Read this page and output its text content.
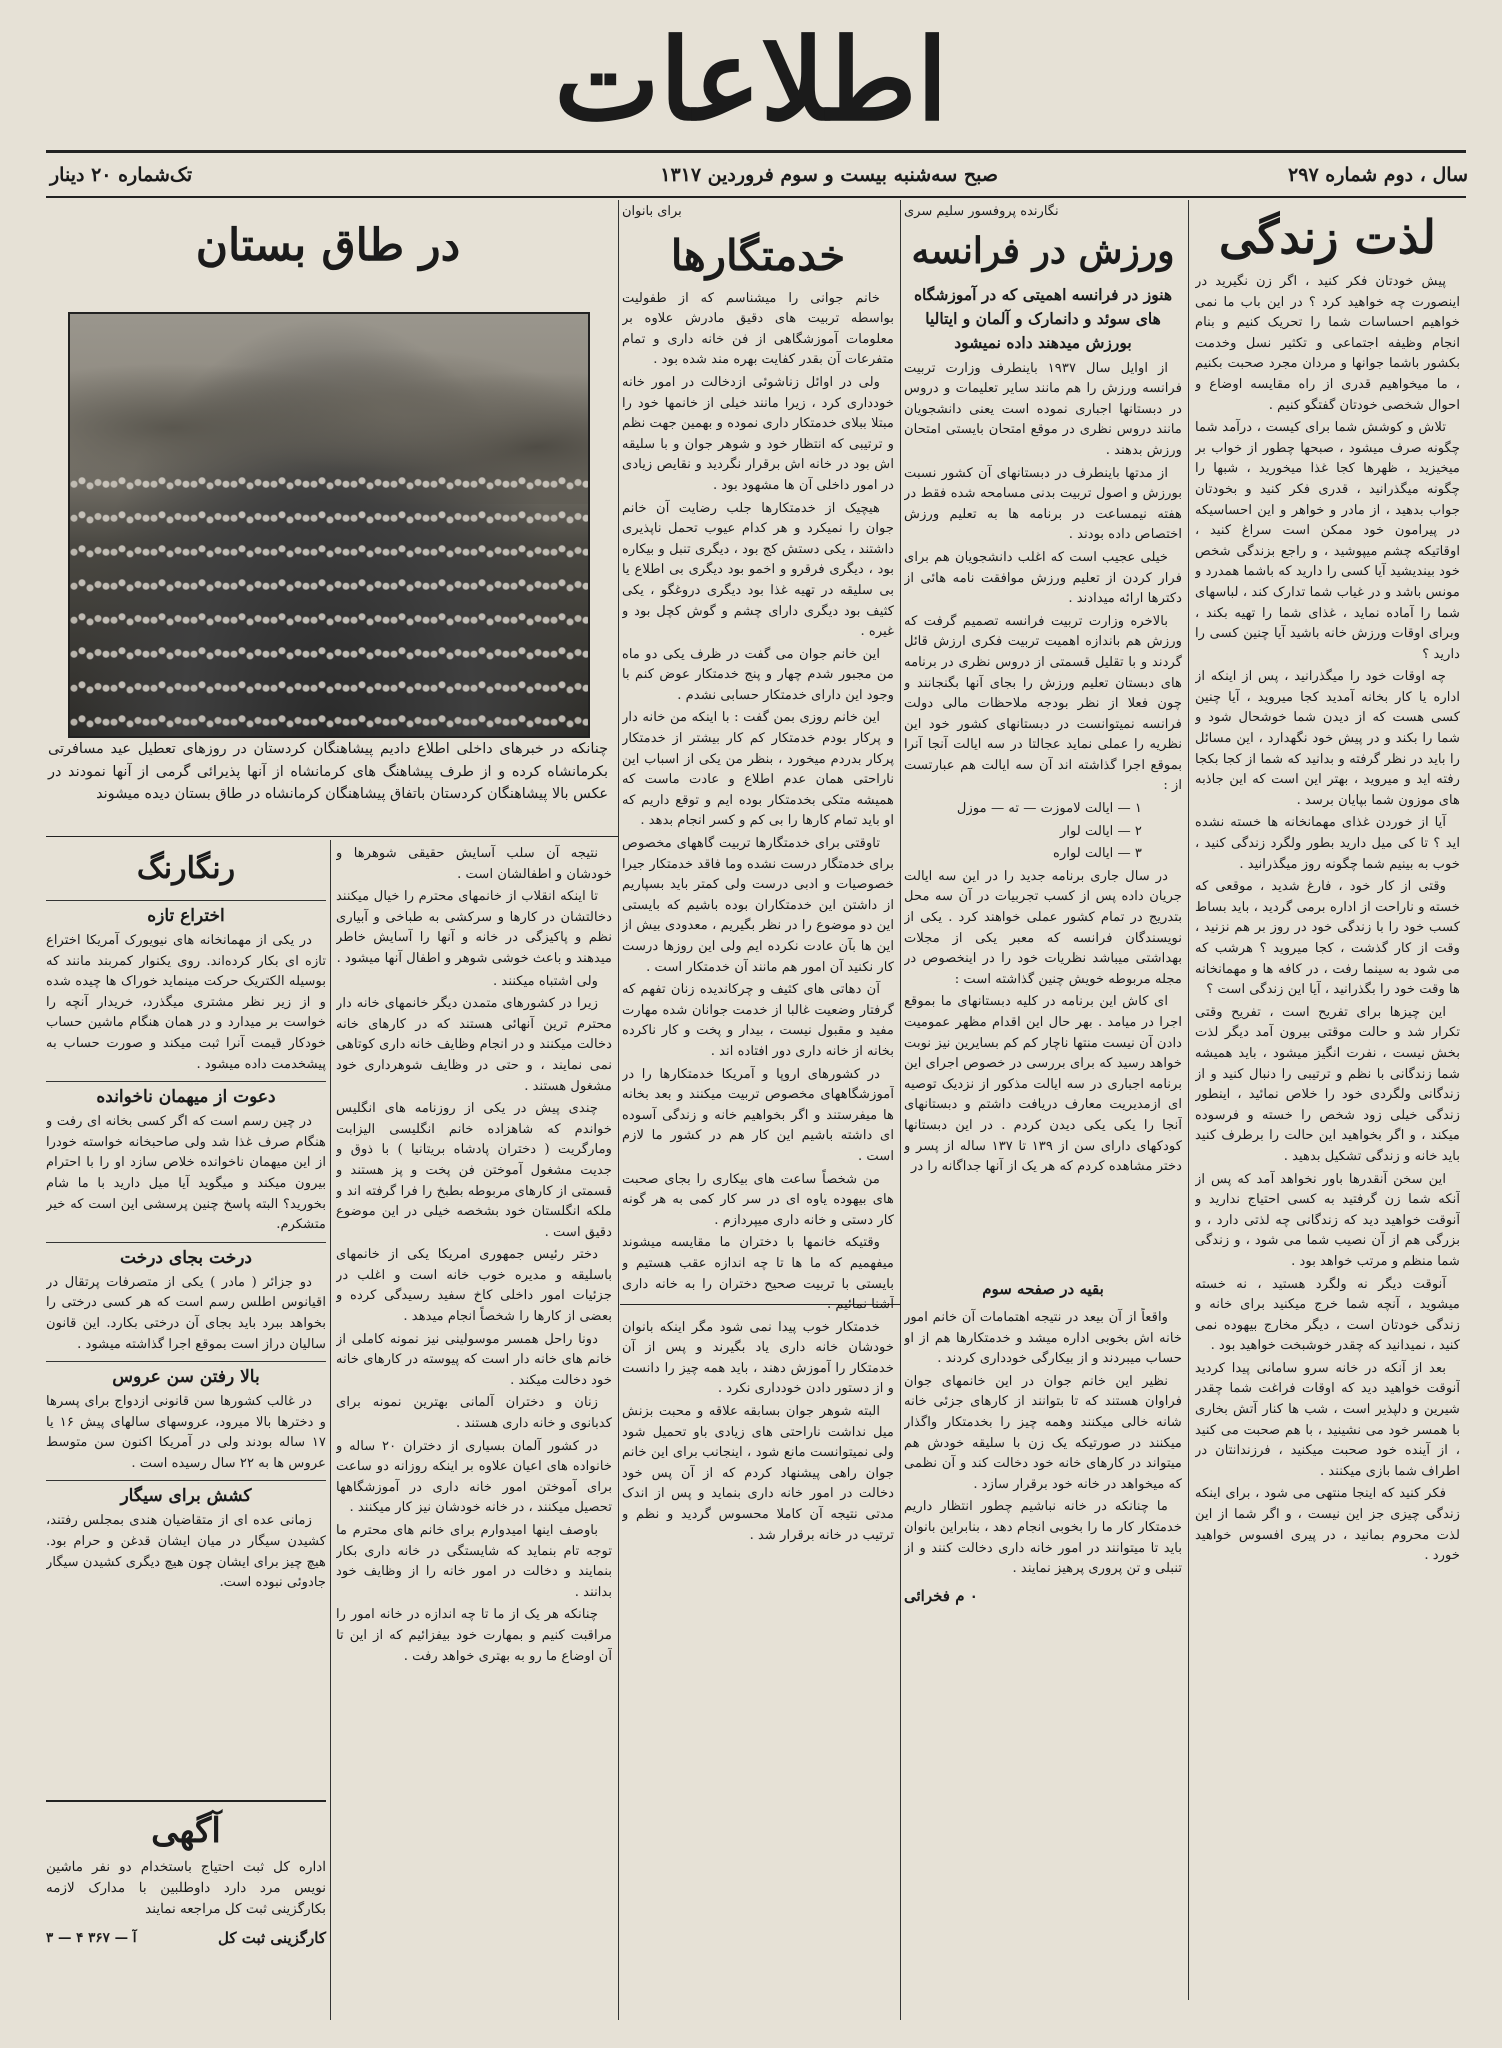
اطلاعات
سال ، دوم شماره ۲۹۷
صبح سه‌شنبه بیست و سوم فروردین ۱۳۱۷
تک‌شماره ۲۰ دینار
لذت زندگی

پیش خودتان فکر کنید ، اگر زن نگیرید در اینصورت چه خواهید کرد ؟ در این باب ما نمی خواهیم احساسات شما را تحریک کنیم و بنام انجام وظیفه اجتماعی و تکثیر نسل وخدمت بکشور باشما جوانها و مردان مجرد صحبت بکنیم ، ما میخواهیم قدری از راه مقایسه اوضاع و احوال شخصی خودتان گفتگو کنیم .

تلاش و کوشش شما برای کیست ، درآمد شما چگونه صرف میشود ، صبحها چطور از خواب بر میخیزید ، ظهرها کجا غذا میخورید ، شبها را چگونه میگذرانید ، قدری فکر کنید و بخودتان جواب بدهید ، از مادر و خواهر و این احساسیکه در پیرامون خود ممکن است سراغ کنید ، اوقاتیکه چشم میپوشید ، و راجع بزندگی شخص خود بیندیشید آیا کسی را دارید که باشما همدرد و مونس باشد و در غیاب شما تدارک کند ، لباسهای شما را آماده نماید ، غذای شما را تهیه بکند ، وبرای اوقات ورزش خانه باشید آیا چنین کسی را دارید ؟

چه اوقات خود را میگذرانید ، پس از اینکه از اداره یا کار بخانه آمدید کجا میروید ، آیا چنین کسی هست که از دیدن شما خوشحال شود و شما را بکند و در پیش خود نگهدارد ، این مسائل را باید در نظر گرفته و بدانید که شما از کجا بکجا رفته اید و میروید ، بهتر این است که این جاذبه های موزون شما بپایان برسد .

آیا از خوردن غذای مهمانخانه ها خسته نشده اید ؟ تا کی میل دارید بطور ولگرد زندگی کنید ، خوب به بینیم شما چگونه روز میگذرانید .

وقتی از کار خود ، فارغ شدید ، موقعی که خسته و ناراحت از اداره برمی گردید ، باید بساط کسب خود را با زندگی خود در روز بر هم نزنید ، وقت از کار گذشت ، کجا میروید ؟ هرشب که می شود به سینما رفت ، در کافه ها و مهمانخانه ها وقت خود را بگذرانید ، آیا این زندگی است ؟

این چیزها برای تفریح است ، تفریح وقتی تکرار شد و حالت موقتی بیرون آمد دیگر لذت بخش نیست ، نفرت انگیز میشود ، باید همیشه شما زندگانی با نظم و ترتیبی را دنبال کنید و از زندگانی ولگردی خود را خلاص نمائید ، اینطور زندگی خیلی زود شخص را خسته و فرسوده میکند ، و اگر بخواهید این حالت را برطرف کنید باید خانه و زندگی تشکیل بدهید .

این سخن آنقدرها باور نخواهد آمد که پس از آنکه شما زن گرفتید به کسی احتیاج ندارید و آنوقت خواهید دید که زندگانی چه لذتی دارد ، و بزرگی هم از آن نصیب شما می شود ، و زندگی شما منظم و مرتب خواهد بود .

آنوقت دیگر نه ولگرد هستید ، نه خسته میشوید ، آنچه شما خرج میکنید برای خانه و زندگی خودتان است ، دیگر مخارج بیهوده نمی کنید ، نمیدانید که چقدر خوشبخت خواهید بود .

بعد از آنکه در خانه سرو سامانی پیدا کردید آنوقت خواهید دید که اوقات فراغت شما چقدر شیرین و دلپذیر است ، شب ها کنار آتش بخاری با همسر خود می نشینید ، با هم صحبت می کنید ، از آینده خود صحبت میکنید ، فرزندانتان در اطراف شما بازی میکنند .

فکر کنید که اینجا منتهی می شود ، برای اینکه زندگی چیزی جز این نیست ، و اگر شما از این لذت محروم بمانید ، در پیری افسوس خواهید خورد .

نگارنده پروفسور سلیم سری
ورزش در فرانسه
هنوز در فرانسه اهمیتی که در آموزشگاه های سوئد و دانمارک و آلمان و ایتالیا بورزش میدهند داده نمیشود

از اوایل سال ۱۹۳۷ باینطرف وزارت تربیت فرانسه ورزش را هم مانند سایر تعلیمات و دروس در دبستانها اجباری نموده است یعنی دانشجویان مانند دروس نظری در موقع امتحان بایستی امتحان ورزش بدهند .

از مدتها باینطرف در دبستانهای آن کشور نسبت بورزش و اصول تربیت بدنی مسامحه شده فقط در هفته نیمساعت در برنامه ها به تعلیم ورزش اختصاص داده بودند .

خیلی عجیب است که اغلب دانشجویان هم برای فرار کردن از تعلیم ورزش موافقت نامه هائی از دکترها ارائه میدادند .

بالاخره وزارت تربیت فرانسه تصمیم گرفت که ورزش هم باندازه اهمیت تربیت فکری ارزش قائل گردند و با تقلیل قسمتی از دروس نظری در برنامه های دبستان تعلیم ورزش را بجای آنها بگنجانند و چون فعلا از نظر بودجه ملاحظات مالی دولت فرانسه نمیتوانست در دبستانهای کشور خود این نظریه را عملی نماید عجالتا در سه ایالت آنجا آنرا بموقع اجرا گذاشته اند آن سه ایالت هم عبارتست از :

۱ — ایالت لاموزت — ته — موزل

۲ — ایالت لوار

۳ — ایالت لواره

در سال جاری برنامه جدید را در این سه ایالت جریان داده پس از کسب تجربیات در آن سه محل بتدریج در تمام کشور عملی خواهند کرد . یکی از نویسندگان فرانسه که معبر یکی از مجلات بهداشتی میباشد نظریات خود را در اینخصوص در مجله مربوطه خویش چنین گذاشته است :

ای کاش این برنامه در کلیه دبستانهای ما بموقع اجرا در میامد . بهر حال این اقدام مظهر عمومیت دادن آن نیست منتها ناچار کم کم بسایرین نیز نوبت خواهد رسید که برای بررسی در خصوص اجرای این برنامه اجباری در سه ایالت مذکور از نزدیک توصیه ای ازمدیریت معارف دریافت داشتم و دبستانهای آنجا را یکی یکی دیدن کردم . در این دبستانها کودکهای دارای سن از ۱۳۹ تا ۱۳۷ ساله از پسر و دختر مشاهده کردم که هر یک از آنها جداگانه را در

بقیه در صفحه سوم
برای بانوان
خدمتگارها

خانم جوانی را میشناسم که از طفولیت بواسطه تربیت های دقیق مادرش علاوه بر معلومات آموزشگاهی از فن خانه داری و تمام متفرعات آن بقدر کفایت بهره مند شده بود .

ولی در اوائل زناشوئی ازدخالت در امور خانه خودداری کرد ، زیرا مانند خیلی از خانمها خود را مبتلا ببلای خدمتکار داری نموده و بهمین جهت نظم و ترتیبی که انتظار خود و شوهر جوان و با سلیقه اش بود در خانه اش برقرار نگردید و نقایص زیادی در امور داخلی آن ها مشهود بود .

هیچیک از خدمتکارها جلب رضایت آن خانم جوان را نمیکرد و هر کدام عیوب تحمل ناپذیری داشتند ، یکی دستش کج بود ، دیگری تنبل و بیکاره بود ، دیگری فرقرو و اخمو بود دیگری بی اطلاع یا بی سلیقه در تهیه غذا بود دیگری دروغگو ، یکی کثیف بود دیگری دارای چشم و گوش کچل بود و غیره .

این خانم جوان می گفت در ظرف یکی دو ماه من مجبور شدم چهار و پنج خدمتکار عوض کنم با وجود این دارای خدمتکار حسابی نشدم .

این خانم روزی بمن گفت : با اینکه من خانه دار و پرکار بودم خدمتکار کم کار بیشتر از خدمتکار پرکار بدردم میخورد ، بنظر من یکی از اسباب این ناراحتی همان عدم اطلاع و عادت ماست که همیشه متکی بخدمتکار بوده ایم و توقع داریم که او باید تمام کارها را بی کم و کسر انجام بدهد .

تاوقتی برای خدمتگارها تربیت گاههای مخصوص برای خدمتگار درست نشده وما فاقد خدمتکار جیرا خصوصیات و ادبی درست ولی کمتر باید بسپاریم از داشتن این خدمتکاران بوده باشیم که بایستی این دو موضوع را در نظر بگیریم ، معدودی بیش از این ها بآن عادت نکرده ایم ولی این روزها درست کار نکنید آن امور هم مانند آن خدمتکار است .

آن دهاتی های کثیف و چرکاندیده زنان تفهم که گرفتار وضعیت غالبا از خدمت جوانان شده مهارت مفید و مقبول نیست ، بیدار و پخت و کار ناکرده بخانه از خانه داری دور افتاده اند .

در کشورهای اروپا و آمریکا خدمتکارها را در آموزشگاههای مخصوص تربیت میکنند و بعد بخانه ها میفرستند و اگر بخواهیم خانه و زندگی آسوده ای داشته باشیم این کار هم در کشور ما لازم است .

من شخصاً ساعت های بیکاری را بجای صحبت های بیهوده یاوه ای در سر کار کمی به هر گونه کار دستی و خانه داری میپردازم .

وقتیکه خانمها با دختران ما مقایسه میشوند میفهمیم که ما ها تا چه اندازه عقب هستیم و بایستی با تربیت صحیح دختران را به خانه داری آشنا نمائیم .

خدمتکار خوب پیدا نمی شود مگر اینکه بانوان خودشان خانه داری یاد بگیرند و پس از آن خدمتکار را آموزش دهند ، باید همه چیز را دانست و از دستور دادن خودداری نکرد .

البته شوهر جوان بسابقه علاقه و محبت بزنش میل نداشت ناراحتی های زیادی باو تحمیل شود ولی نمیتوانست مانع شود ، اینجانب برای این خانم جوان راهی پیشنهاد کردم که از آن پس خود دخالت در امور خانه داری بنماید و پس از اندک مدتی نتیجه آن کاملا محسوس گردید و نظم و ترتیب در خانه برقرار شد .

واقعاً از آن بیعد در نتیجه اهتمامات آن خانم امور خانه اش بخوبی اداره میشد و خدمتکارها هم از او حساب میبردند و از بیکارگی خودداری کردند .

نظیر این خانم جوان در این خانمهای جوان فراوان هستند که تا بتوانند از کارهای جزئی خانه شانه خالی میکنند وهمه چیز را بخدمتکار واگذار میکنند در صورتیکه یک زن با سلیقه خودش هم میتواند در کارهای خانه خود دخالت کند و آن نظمی که میخواهد در خانه خود برقرار سازد .

ما چنانکه در خانه نباشیم چطور انتظار داریم خدمتکار کار ما را بخوبی انجام دهد ، بنابراین بانوان باید تا میتوانند در امور خانه داری دخالت کنند و از تنبلی و تن پروری پرهیز نمایند .

۰ م فخرائی

در طاق بستان
چنانکه در خبرهای داخلی اطلاع دادیم پیشاهنگان کردستان در روزهای تعطیل عید مسافرتی بکرمانشاه کرده و از طرف پیشاهنگ های کرمانشاه از آنها پذیرائی گرمی از آنها نمودند در عکس بالا پیشاهنگان کردستان باتفاق پیشاهنگان کرمانشاه در طاق بستان دیده میشوند

نتیجه آن سلب آسایش حقیقی شوهرها و خودشان و اطفالشان است .

تا اینکه انقلاب از خانمهای محترم را خیال میکنند دخالتشان در کارها و سرکشی به طباخی و آبیاری نظم و پاکیزگی در خانه و آنها را آسایش خاطر میدهند و باعث خوشی شوهر و اطفال آنها میشود .

ولی اشتباه میکنند .

زیرا در کشورهای متمدن دیگر خانمهای خانه دار محترم ترین آنهائی هستند که در کارهای خانه دخالت میکنند و در انجام وظایف خانه داری کوتاهی نمی نمایند ، و حتی در وظایف شوهرداری خود مشغول هستند .

چندی پیش در یکی از روزنامه های انگلیس خواندم که شاهزاده خانم انگلیسی الیزابت ومارگریت ( دختران پادشاه بریتانیا ) با ذوق و جدیت مشغول آموختن فن پخت و پز هستند و قسمتی از کارهای مربوطه بطبخ را فرا گرفته اند و ملکه انگلستان خود بشخصه خیلی در این موضوع دقیق است .

دختر رئیس جمهوری امریکا یکی از خانمهای باسلیقه و مدیره خوب خانه است و اغلب در جزئیات امور داخلی کاخ سفید رسیدگی کرده و بعضی از کارها را شخصاً انجام میدهد .

دونا راحل همسر موسولینی نیز نمونه کاملی از خانم های خانه دار است که پیوسته در کارهای خانه خود دخالت میکند .

زنان و دختران آلمانی بهترین نمونه برای کدبانوی و خانه داری هستند .

در کشور آلمان بسیاری از دختران ۲۰ ساله و خانواده های اعیان علاوه بر اینکه روزانه دو ساعت برای آموختن امور خانه داری در آموزشگاهها تحصیل میکنند ، در خانه خودشان نیز کار میکنند .

باوصف اینها امیدوارم برای خانم های محترم ما توجه تام بنماید که شایستگی در خانه داری بکار بنمایند و دخالت در امور خانه را از وظایف خود بدانند .

چنانکه هر یک از ما تا چه اندازه در خانه امور را مراقبت کنیم و بمهارت خود بیفزائیم که از این تا آن اوضاع ما رو به بهتری خواهد رفت .

رنگارنگ
اختراع تازه

در یکی از مهمانخانه های نیویورک آمریکا اختراع تازه ای بکار کرده‌اند. روی یکنوار کمربند مانند که بوسیله الکتریک حرکت مینماید خوراک ها چیده شده و از زیر نظر مشتری میگذرد، خریدار آنچه را خواست بر میدارد و در همان هنگام ماشین حساب خودکار قیمت آنرا ثبت میکند و صورت حساب به پیشخدمت داده میشود .

دعوت از میهمان ناخوانده

در چین رسم است که اگر کسی بخانه ای رفت و هنگام صرف غذا شد ولی صاحبخانه خواسته خودرا از این میهمان ناخوانده خلاص سازد او را با احترام بیرون میکند و میگوید آیا میل دارید با ما شام بخورید؟ البته پاسخ چنین پرسشی این است که خیر متشکرم.

درخت بجای درخت

دو جزائر ( مادر ) یکی از متصرفات پرتقال در اقیانوس اطلس رسم است که هر کسی درختی را بخواهد ببرد باید بجای آن درختی بکارد. این قانون سالیان دراز است بموقع اجرا گذاشته میشود .

بالا رفتن سن عروس

در غالب کشورها سن قانونی ازدواج برای پسرها و دخترها بالا میرود، عروسهای سالهای پیش ۱۶ یا ۱۷ ساله بودند ولی در آمریکا اکنون سن متوسط عروس ها به ۲۲ سال رسیده است .

کشش برای سیگار

زمانی عده ای از متقاضیان هندی بمجلس رفتند، کشیدن سیگار در میان ایشان قدغن و حرام بود. هیچ چیز برای ایشان چون هیچ دیگری کشیدن سیگار جادوئی نبوده است.

آگهی

اداره کل ثبت احتیاج باستخدام دو نفر ماشین نویس مرد دارد داوطلبین با مدارک لازمه بکارگزینی ثبت کل مراجعه نمایند

کارگزینی ثبت کل
آ — ۳۶۷ ۴ — ۳
